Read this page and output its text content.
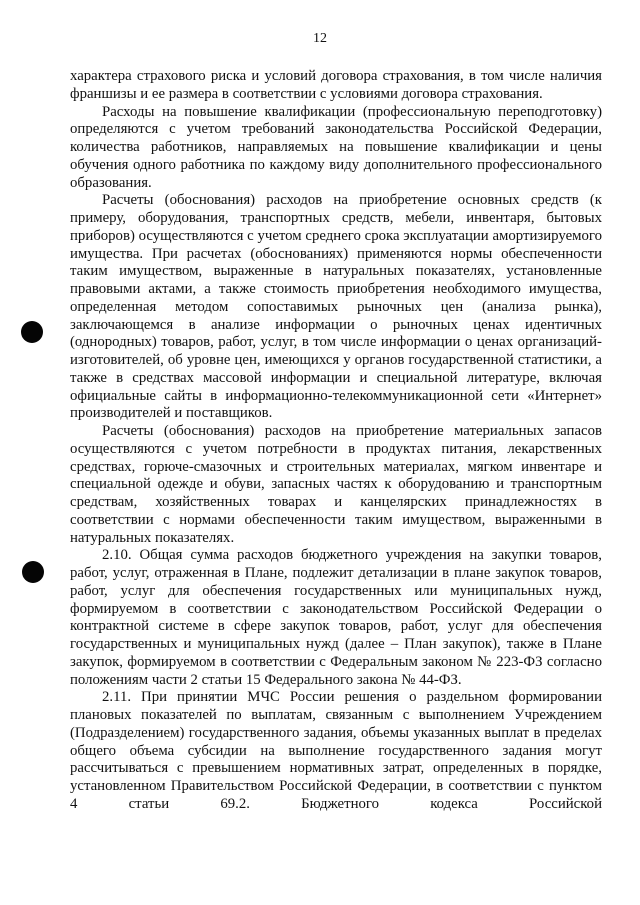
12

характера страхового риска и условий договора страхования, в том числе наличия франшизы и ее размера в соответствии с условиями договора страхования.

Расходы на повышение квалификации (профессиональную переподготовку) определяются с учетом требований законодательства Российской Федерации, количества работников, направляемых на повышение квалификации и цены обучения одного работника по каждому виду дополнительного профессионального образования.

Расчеты (обоснования) расходов на приобретение основных средств (к примеру, оборудования, транспортных средств, мебели, инвентаря, бытовых приборов) осуществляются с учетом среднего срока эксплуатации амортизируемого имущества. При расчетах (обоснованиях) применяются нормы обеспеченности таким имуществом, выраженные в натуральных показателях, установленные правовыми актами, а также стоимость приобретения необходимого имущества, определенная методом сопоставимых рыночных цен (анализа рынка), заключающемся в анализе информации о рыночных ценах идентичных (однородных) товаров, работ, услуг, в том числе информации о ценах организаций-изготовителей, об уровне цен, имеющихся у органов государственной статистики, а также в средствах массовой информации и специальной литературе, включая официальные сайты в информационно-телекоммуникационной сети «Интернет» производителей и поставщиков.

Расчеты (обоснования) расходов на приобретение материальных запасов осуществляются с учетом потребности в продуктах питания, лекарственных средствах, горюче-смазочных и строительных материалах, мягком инвентаре и специальной одежде и обуви, запасных частях к оборудованию и транспортным средствам, хозяйственных товарах и канцелярских принадлежностях в соответствии с нормами обеспеченности таким имуществом, выраженными в натуральных показателях.

2.10. Общая сумма расходов бюджетного учреждения на закупки товаров, работ, услуг, отраженная в Плане, подлежит детализации в плане закупок товаров, работ, услуг для обеспечения государственных или муниципальных нужд, формируемом в соответствии с законодательством Российской Федерации о контрактной системе в сфере закупок товаров, работ, услуг для обеспечения государственных и муниципальных нужд (далее – План закупок), также в Плане закупок, формируемом в соответствии с Федеральным законом № 223-ФЗ согласно положениям части 2 статьи 15 Федерального закона № 44-ФЗ.

2.11. При принятии МЧС России решения о раздельном формировании плановых показателей по выплатам, связанным с выполнением Учреждением (Подразделением) государственного задания, объемы указанных выплат в пределах общего объема субсидии на выполнение государственного задания могут рассчитываться с превышением нормативных затрат, определенных в порядке, установленном Правительством Российской Федерации, в соответствии с пунктом 4 статьи 69.2. Бюджетного кодекса Российской
